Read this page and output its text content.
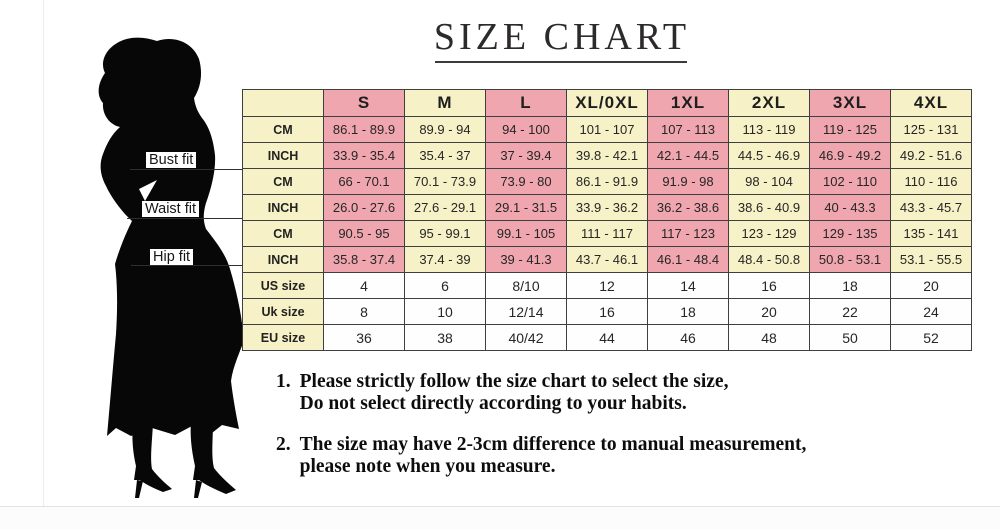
SIZE CHART
Bust fit
Waist fit
Hip fit
	S	M	L	XL/0XL	1XL	2XL	3XL	4XL
CM	86.1 - 89.9	89.9 - 94	94 - 100	101 - 107	107 - 113	113 - 119	119 - 125	125 - 131
INCH	33.9 - 35.4	35.4 - 37	37 - 39.4	39.8 - 42.1	42.1 - 44.5	44.5 - 46.9	46.9 - 49.2	49.2 - 51.6
CM	66 - 70.1	70.1 - 73.9	73.9 - 80	86.1 - 91.9	91.9 - 98	98 - 104	102 - 110	110 - 116
INCH	26.0 - 27.6	27.6 - 29.1	29.1 - 31.5	33.9 - 36.2	36.2 - 38.6	38.6 - 40.9	40 - 43.3	43.3 - 45.7
CM	90.5 - 95	95 - 99.1	99.1 - 105	111 - 117	117 - 123	123 - 129	129 - 135	135 - 141
INCH	35.8 - 37.4	37.4 - 39	39 - 41.3	43.7 - 46.1	46.1 - 48.4	48.4 - 50.8	50.8 - 53.1	53.1 - 55.5
US size	4	6	8/10	12	14	16	18	20
Uk size	8	10	12/14	16	18	20	22	24
EU size	36	38	40/42	44	46	48	50	52
1. Please strictly follow the size chart to select the size,
Do not select directly according to your habits.
2. The size may have 2-3cm difference to manual measurement,
please note when you measure.
